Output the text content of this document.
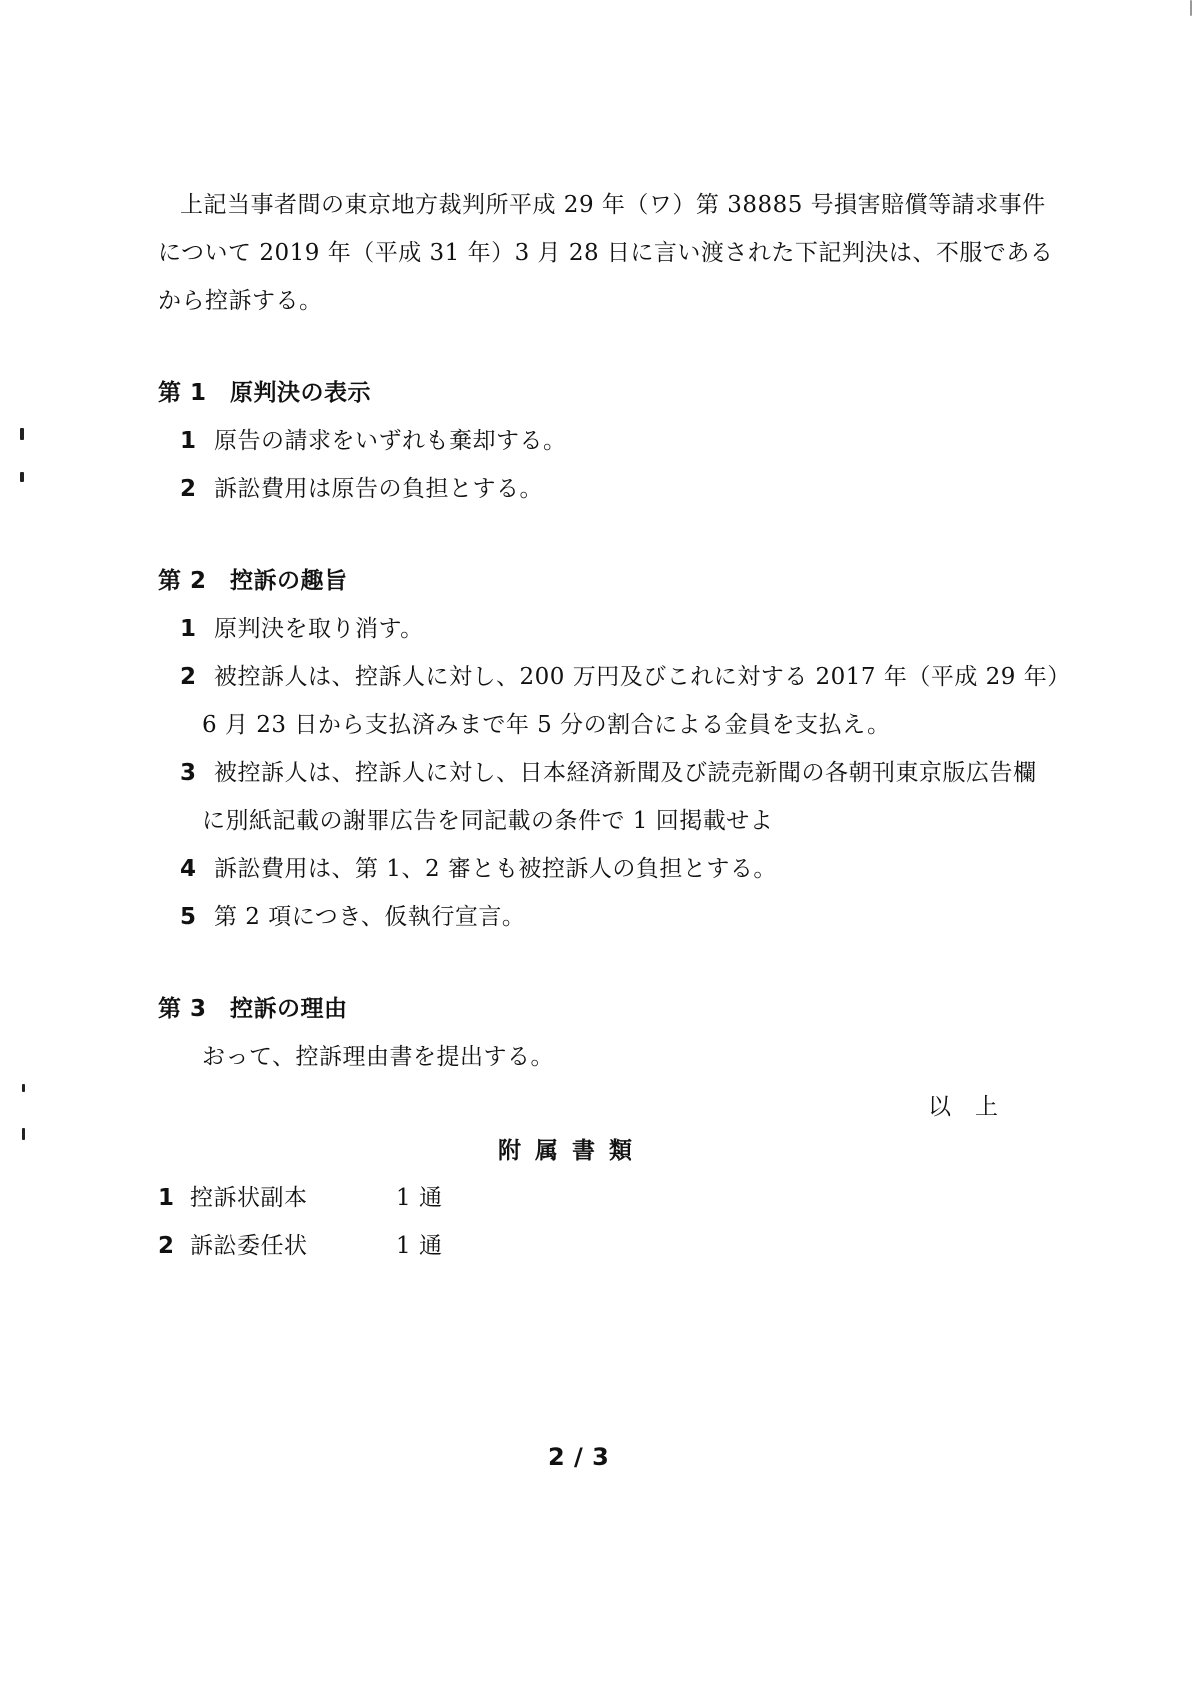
上記当事者間の東京地方裁判所平成 29 年（ワ）第 38885 号損害賠償等請求事件
について 2019 年（平成 31 年）3 月 28 日に言い渡された下記判決は、不服である
から控訴する。
第 1　原判決の表示
1 原告の請求をいずれも棄却する。
2 訴訟費用は原告の負担とする。
第 2　控訴の趣旨
1 原判決を取り消す。
2 被控訴人は、控訴人に対し、200 万円及びこれに対する 2017 年（平成 29 年）
6 月 23 日から支払済みまで年 5 分の割合による金員を支払え。
3 被控訴人は、控訴人に対し、日本経済新聞及び読売新聞の各朝刊東京版広告欄
に別紙記載の謝罪広告を同記載の条件で 1 回掲載せよ
4 訴訟費用は、第 1、2 審とも被控訴人の負担とする。
5 第 2 項につき、仮執行宣言。
第 3　控訴の理由
おって、控訴理由書を提出する。
以　上
附属書類
1 控訴状副本	1 通
2 訴訟委任状	1 通
2 / 3
